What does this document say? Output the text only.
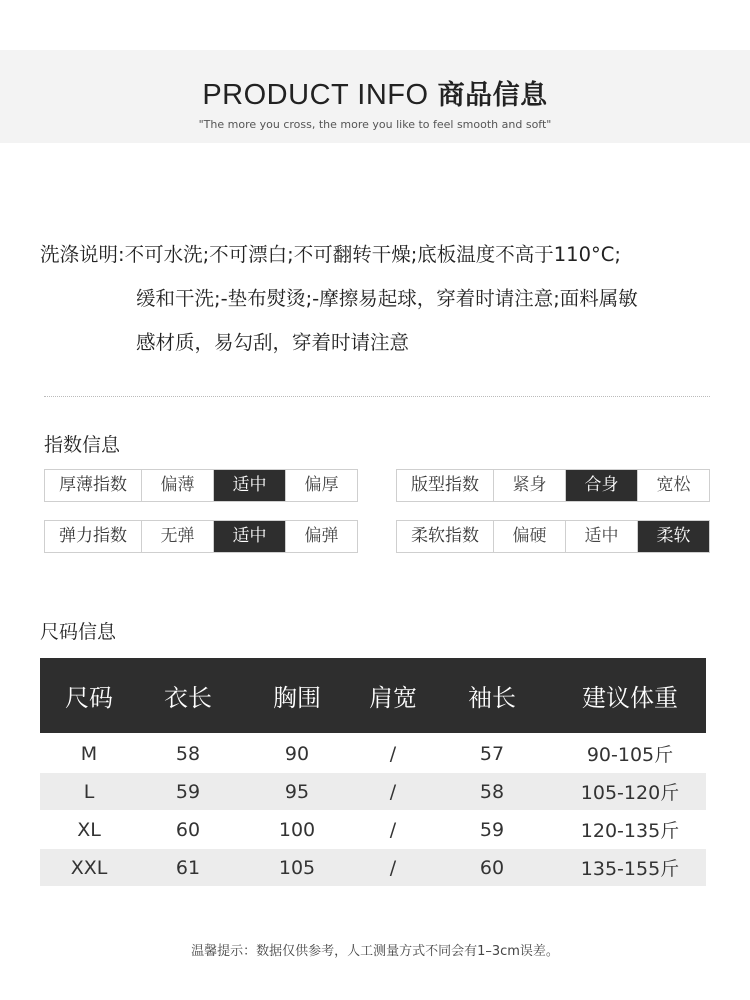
PRODUCT INFO 商品信息
"The more you cross, the more you like to feel smooth and soft"
洗涤说明:不可水洗;不可漂白;不可翻转干燥;底板温度不高于110°C;
缓和干洗;-垫布熨烫;-摩擦易起球，穿着时请注意;面料属敏
感材质，易勾刮，穿着时请注意
指数信息
厚薄指数	偏薄	适中	偏厚	版型指数	紧身	合身	宽松
弹力指数	无弹	适中	偏弹	柔软指数	偏硬	适中	柔软
尺码信息
尺码	衣长	胸围	肩宽	袖长	建议体重
M	58	90	/	57	90-105斤
L	59	95	/	58	105-120斤
XL	60	100	/	59	120-135斤
XXL	61	105	/	60	135-155斤
温馨提示：数据仅供参考，人工测量方式不同会有1–3cm误差。
